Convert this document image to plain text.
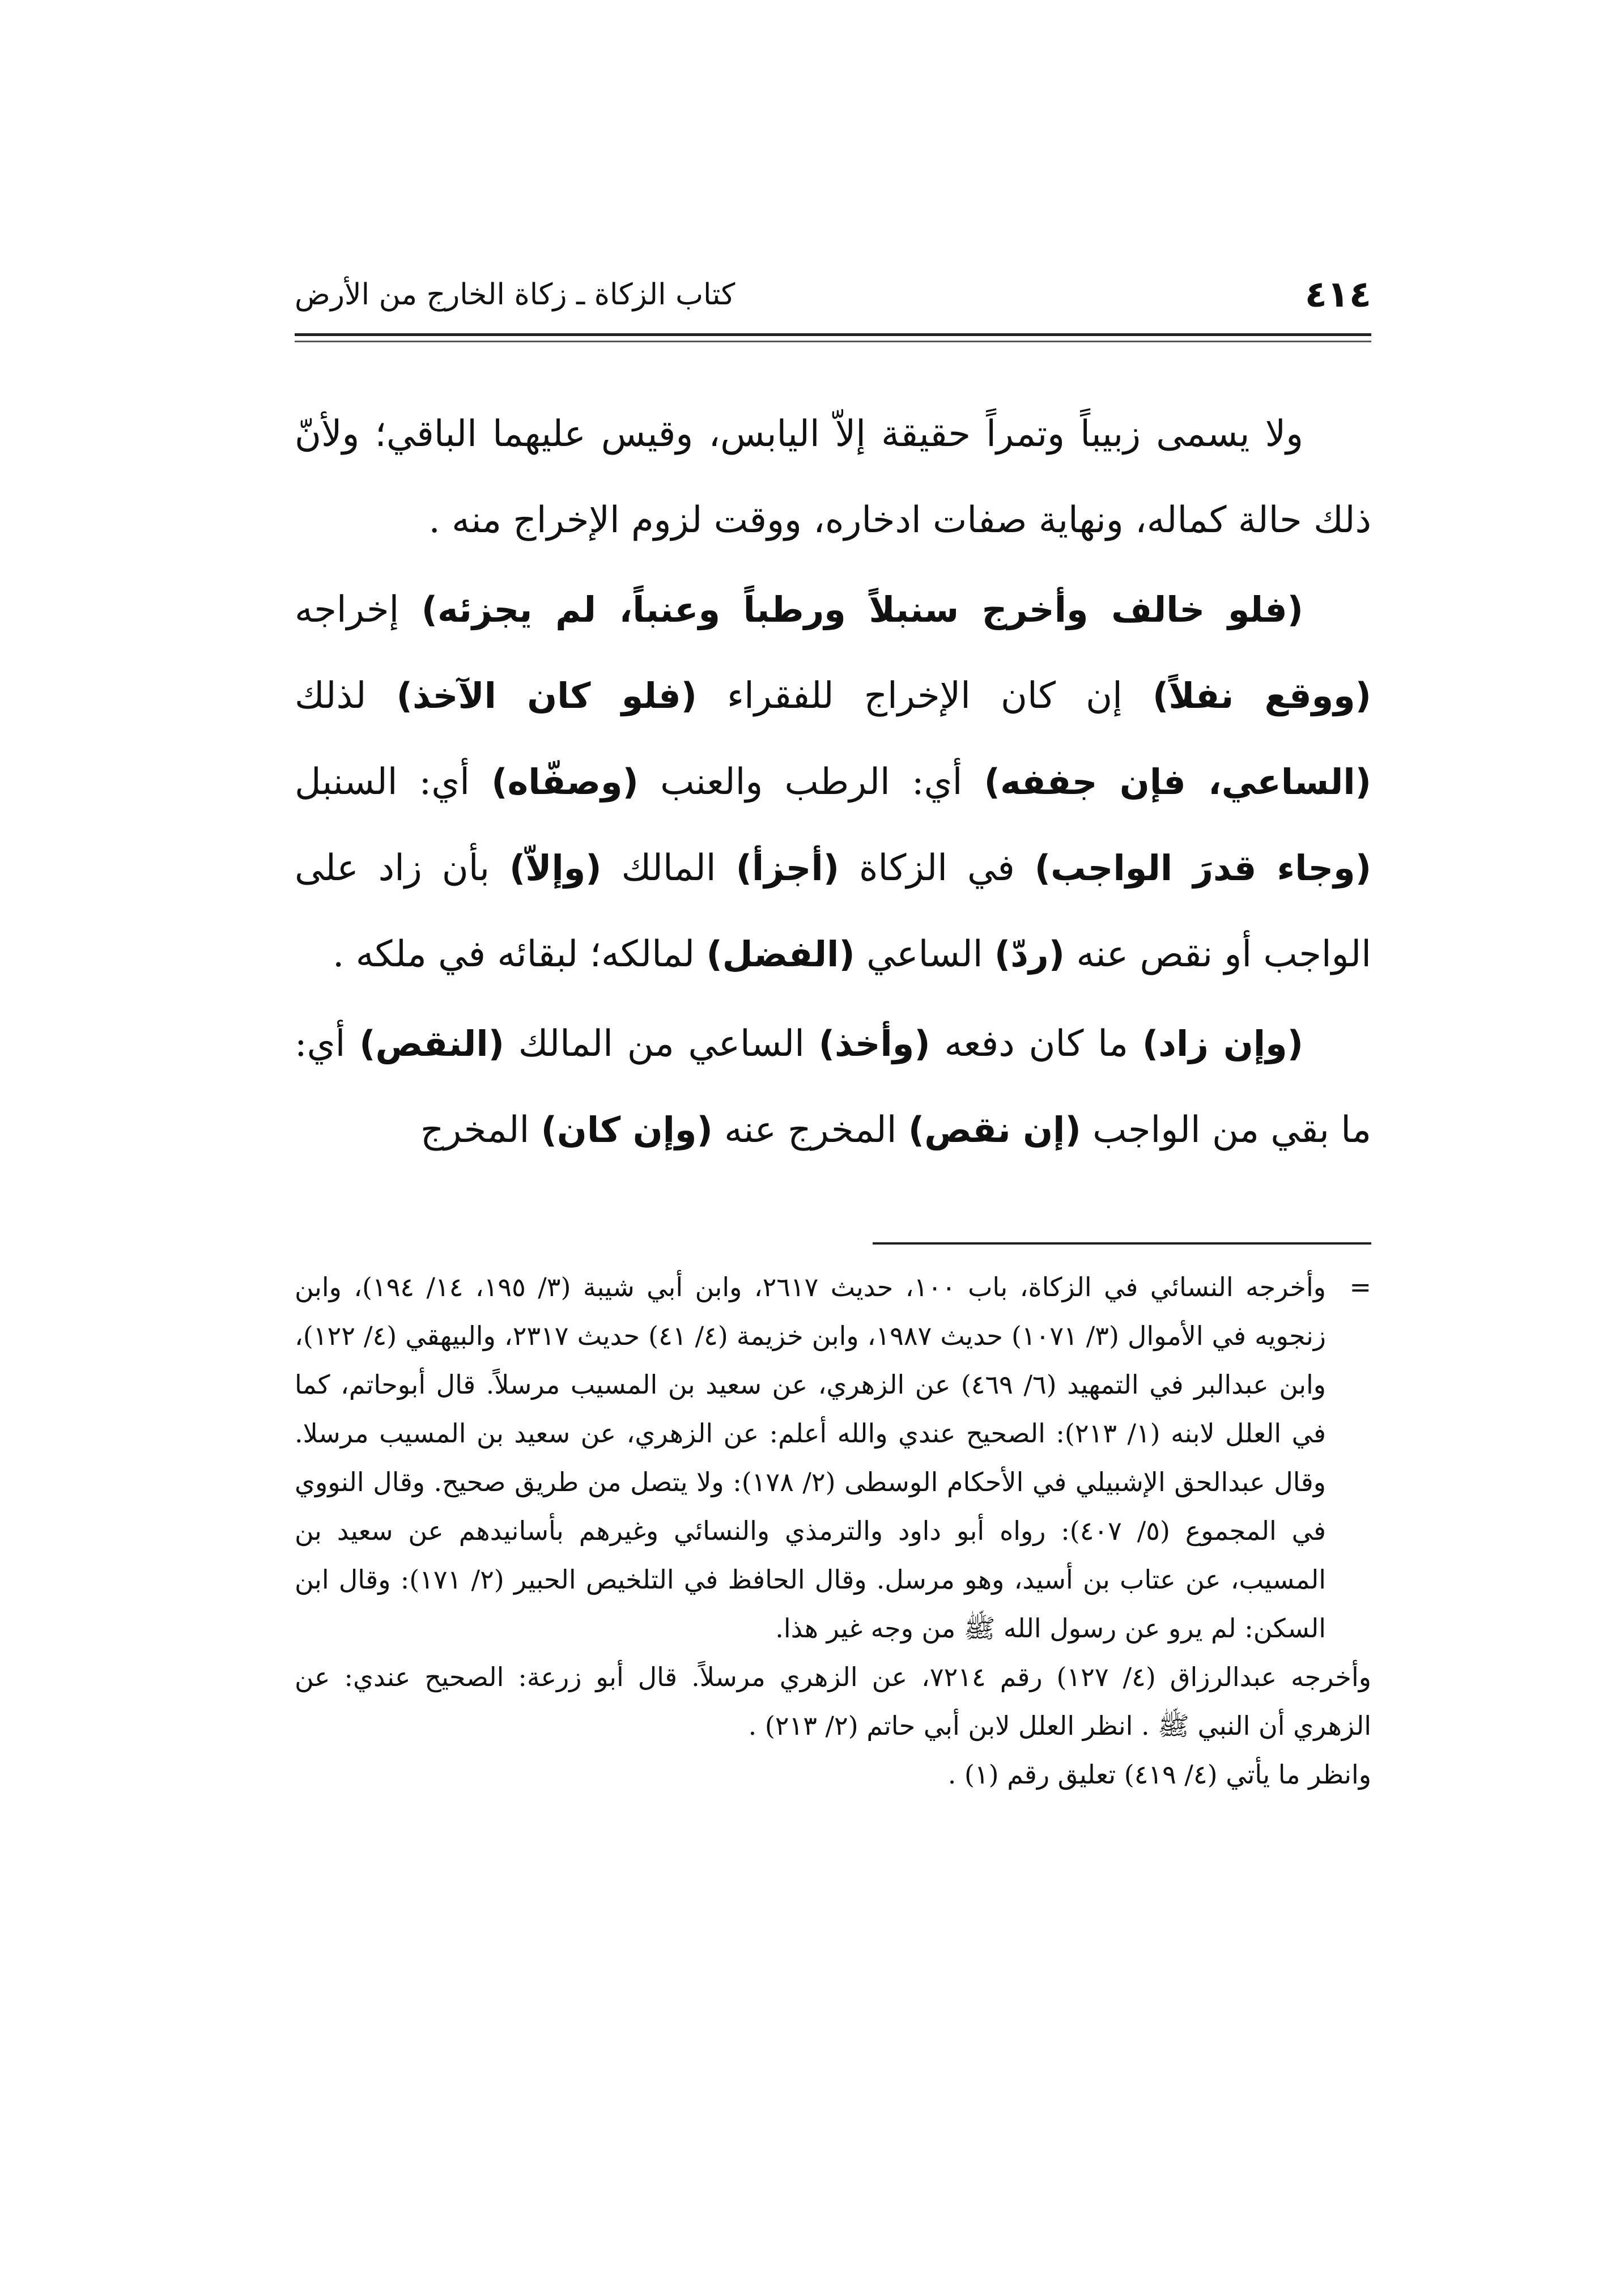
٤١٤
كتاب الزكاة ـ زكاة الخارج من الأرض

ولا يسمى زبيباً وتمراً حقيقة إلاّ اليابس، وقيس عليهما الباقي؛ ولأنّ ذلك حالة كماله، ونهاية صفات ادخاره، ووقت لزوم الإخراج منه .

(فلو خالف وأخرج سنبلاً ورطباً وعنباً، لم يجزئه) إخراجه (ووقع نفلاً) إن كان الإخراج للفقراء (فلو كان الآخذ) لذلك (الساعي، فإن جففه) أي: الرطب والعنب (وصفّاه) أي: السنبل (وجاء قدرَ الواجب) في الزكاة (أجزأ) المالك (وإلاّ) بأن زاد على الواجب أو نقص عنه (ردّ) الساعي (الفضل) لمالكه؛ لبقائه في ملكه .

(وإن زاد) ما كان دفعه (وأخذ) الساعي من المالك (النقص) أي: ما بقي من الواجب (إن نقص) المخرج عنه (وإن كان) المخرج

=
وأخرجه النسائي في الزكاة، باب ١٠٠، حديث ٢٦١٧، وابن أبي شيبة (٣/ ١٩٥، ١٤/ ١٩٤)، وابن زنجويه في الأموال (٣/ ١٠٧١) حديث ١٩٨٧، وابن خزيمة (٤/ ٤١) حديث ٢٣١٧، والبيهقي (٤/ ١٢٢)، وابن عبدالبر في التمهيد (٦/ ٤٦٩) عن الزهري، عن سعيد بن المسيب مرسلاً. قال أبوحاتم، كما في العلل لابنه (١/ ٢١٣): الصحيح عندي والله أعلم: عن الزهري، عن سعيد بن المسيب مرسلا. وقال عبدالحق الإشبيلي في الأحكام الوسطى (٢/ ١٧٨): ولا يتصل من طريق صحيح. وقال النووي في المجموع (٥/ ٤٠٧): رواه أبو داود والترمذي والنسائي وغيرهم بأسانيدهم عن سعيد بن المسيب، عن عتاب بن أسيد، وهو مرسل. وقال الحافظ في التلخيص الحبير (٢/ ١٧١): وقال ابن السكن: لم يرو عن رسول الله ﷺ من وجه غير هذا.

وأخرجه عبدالرزاق (٤/ ١٢٧) رقم ٧٢١٤، عن الزهري مرسلاً. قال أبو زرعة: الصحيح عندي: عن الزهري أن النبي ﷺ . انظر العلل لابن أبي حاتم (٢/ ٢١٣) .

وانظر ما يأتي (٤/ ٤١٩) تعليق رقم (١) .
